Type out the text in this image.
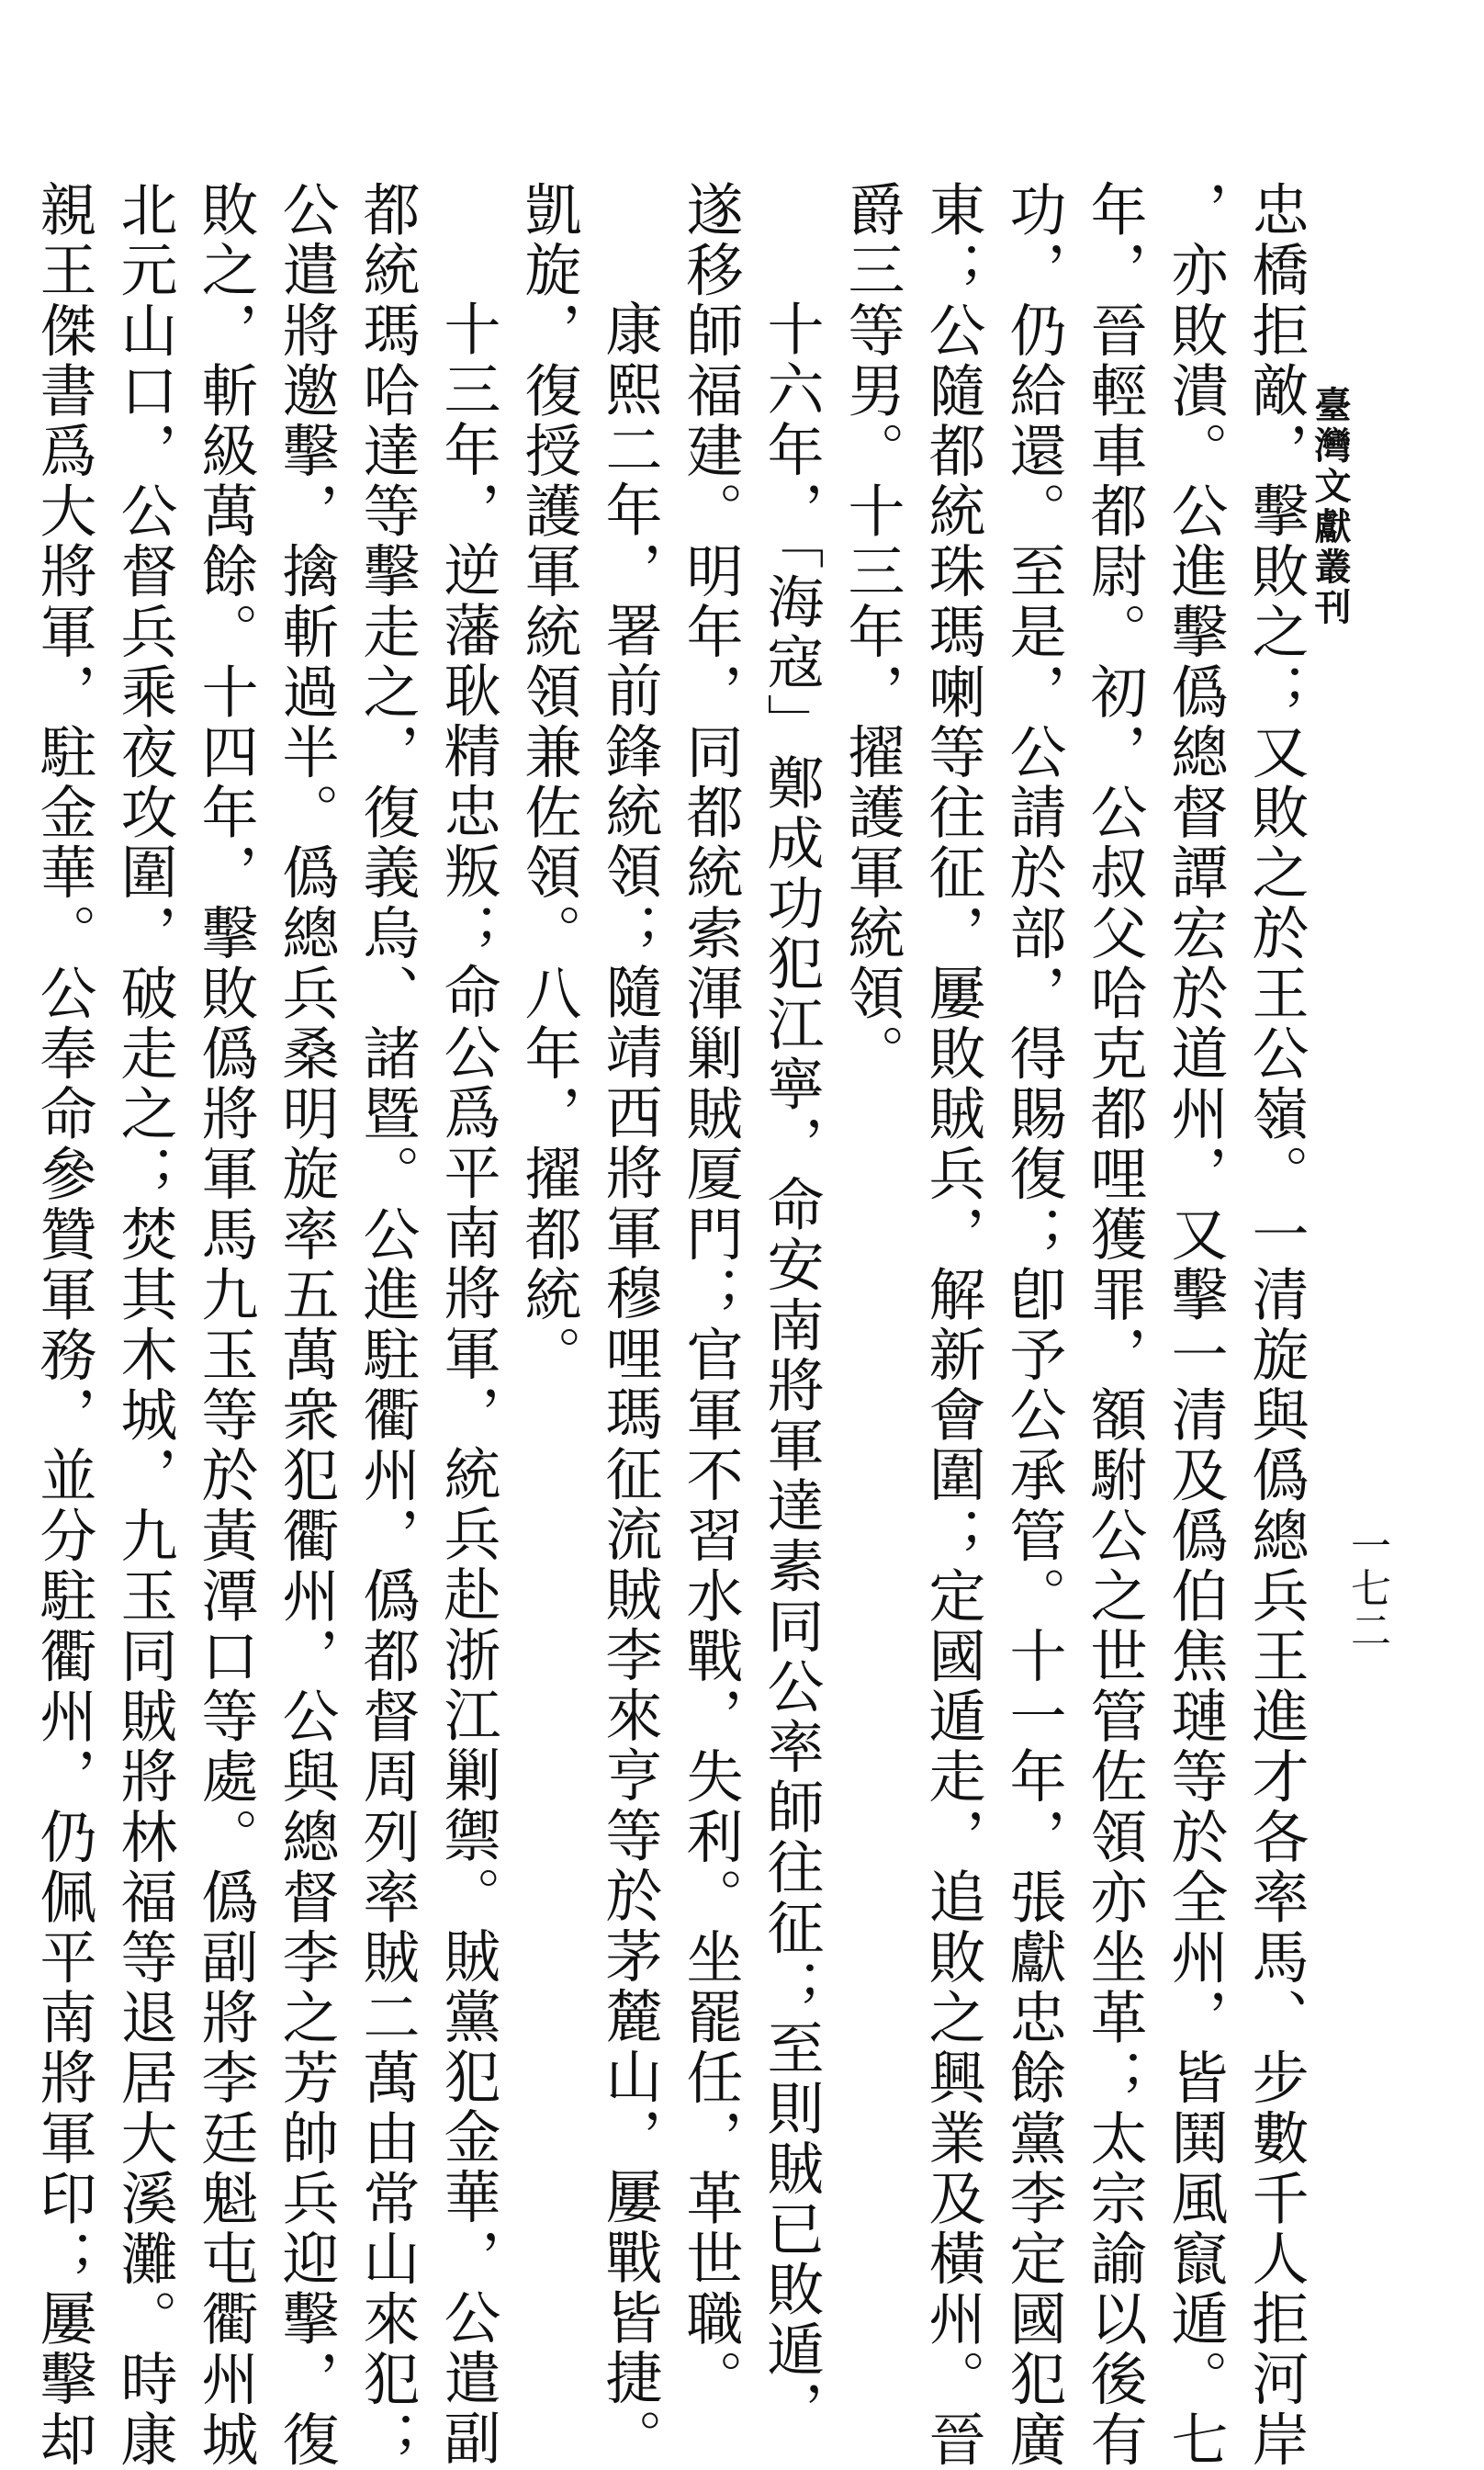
臺灣文獻叢刊
一七二
忠橋拒敵，擊敗之；又敗之於王公嶺。一清旋與僞總兵王進才各率馬、步數千人拒河岸
，亦敗潰。公進擊僞總督譚宏於道州，又擊一清及僞伯焦璉等於全州，皆鬨風竄遁。七
年，晉輕車都尉。初，公叔父哈克都哩獲罪，額駙公之世管佐領亦坐革；太宗諭以後有
功，仍給還。至是，公請於部，得賜復；卽予公承管。十一年，張獻忠餘黨李定國犯廣
東；公隨都統珠瑪喇等往征，屢敗賊兵，解新會圍；定國遁走，追敗之興業及橫州。晉
爵三等男。十三年，擢護軍統領。
十六年，「海寇」鄭成功犯江寧，命安南將軍達素同公率師往征；至則賊已敗遁，
遂移師福建。明年，同都統索渾剿賊厦門；官軍不習水戰，失利。坐罷任，革世職。
康熙二年，署前鋒統領；隨靖西將軍穆哩瑪征流賊李來亨等於茅麓山，屢戰皆捷。
凱旋，復授護軍統領兼佐領。八年，擢都統。
十三年，逆藩耿精忠叛；命公爲平南將軍，統兵赴浙江剿禦。賊黨犯金華，公遣副
都統瑪哈達等擊走之，復義烏、諸暨。公進駐衢州，僞都督周列率賊二萬由常山來犯；
公遣將邀擊，擒斬過半。僞總兵桑明旋率五萬衆犯衢州，公與總督李之芳帥兵迎擊，復
敗之，斬級萬餘。十四年，擊敗僞將軍馬九玉等於黃潭口等處。僞副將李廷魁屯衢州城
北元山口，公督兵乘夜攻圍，破走之；焚其木城，九玉同賊將林福等退居大溪灘。時康
親王傑書爲大將軍，駐金華。公奉命參贊軍務，並分駐衢州，仍佩平南將軍印；屢擊却
